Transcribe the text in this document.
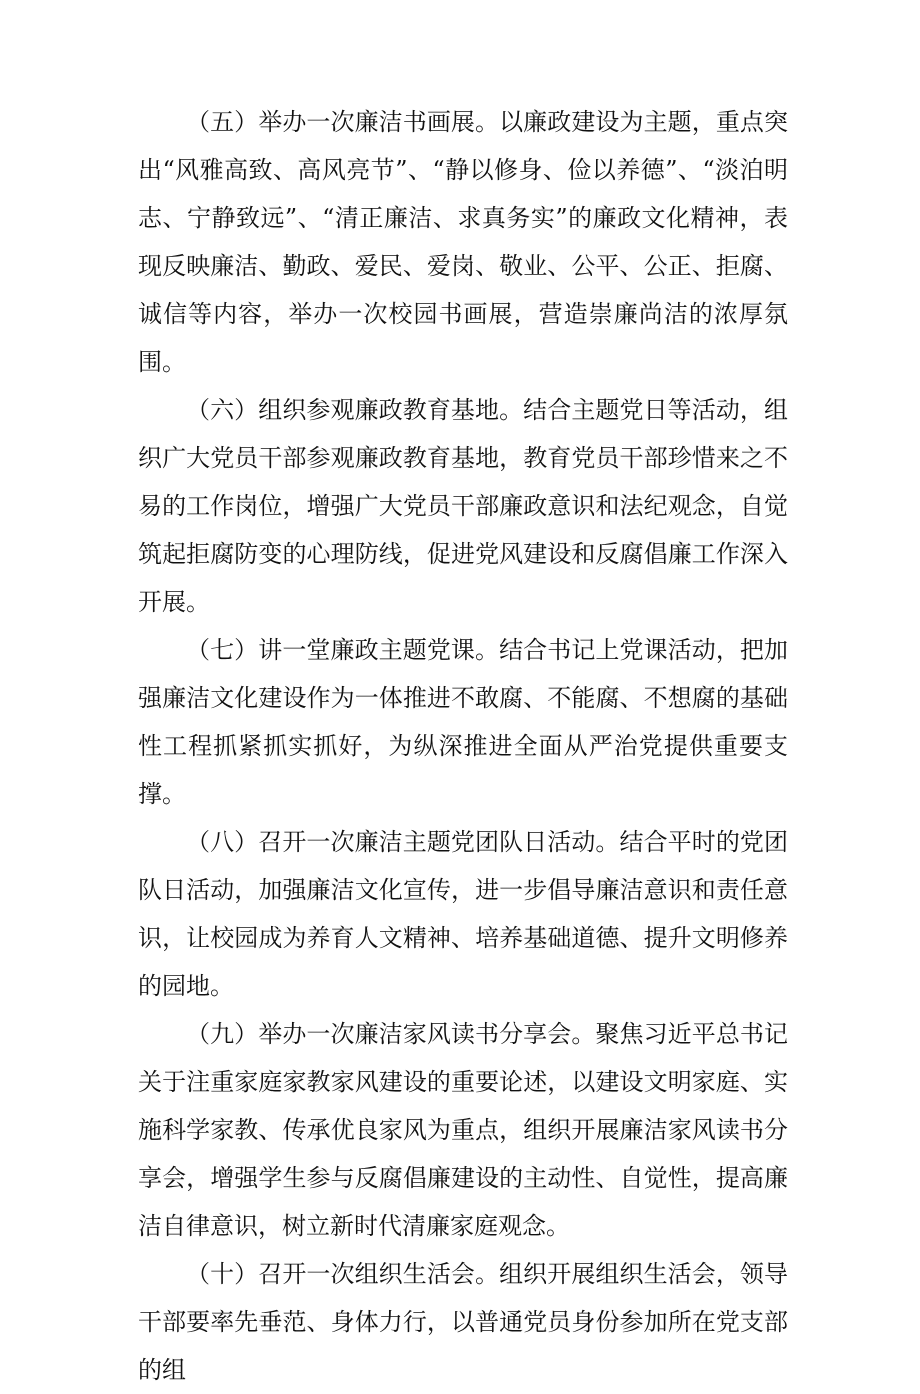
（五）举办一次廉洁书画展。以廉政建设为主题，重点突出“风雅高致、高风亮节”、“静以修身、俭以养德”、“淡泊明志、宁静致远”、“清正廉洁、求真务实”的廉政文化精神，表现反映廉洁、勤政、爱民、爱岗、敬业、公平、公正、拒腐、诚信等内容，举办一次校园书画展，营造崇廉尚洁的浓厚氛围。

（六）组织参观廉政教育基地。结合主题党日等活动，组织广大党员干部参观廉政教育基地，教育党员干部珍惜来之不易的工作岗位，增强广大党员干部廉政意识和法纪观念，自觉筑起拒腐防变的心理防线，促进党风建设和反腐倡廉工作深入开展。

（七）讲一堂廉政主题党课。结合书记上党课活动，把加强廉洁文化建设作为一体推进不敢腐、不能腐、不想腐的基础性工程抓紧抓实抓好，为纵深推进全面从严治党提供重要支撑。

（八）召开一次廉洁主题党团队日活动。结合平时的党团队日活动，加强廉洁文化宣传，进一步倡导廉洁意识和责任意识，让校园成为养育人文精神、培养基础道德、提升文明修养的园地。

（九）举办一次廉洁家风读书分享会。聚焦习近平总书记关于注重家庭家教家风建设的重要论述，以建设文明家庭、实施科学家教、传承优良家风为重点，组织开展廉洁家风读书分享会，增强学生参与反腐倡廉建设的主动性、自觉性，提高廉洁自律意识，树立新时代清廉家庭观念。

（十）召开一次组织生活会。组织开展组织生活会，领导干部要率先垂范、身体力行，以普通党员身份参加所在党支部的组
